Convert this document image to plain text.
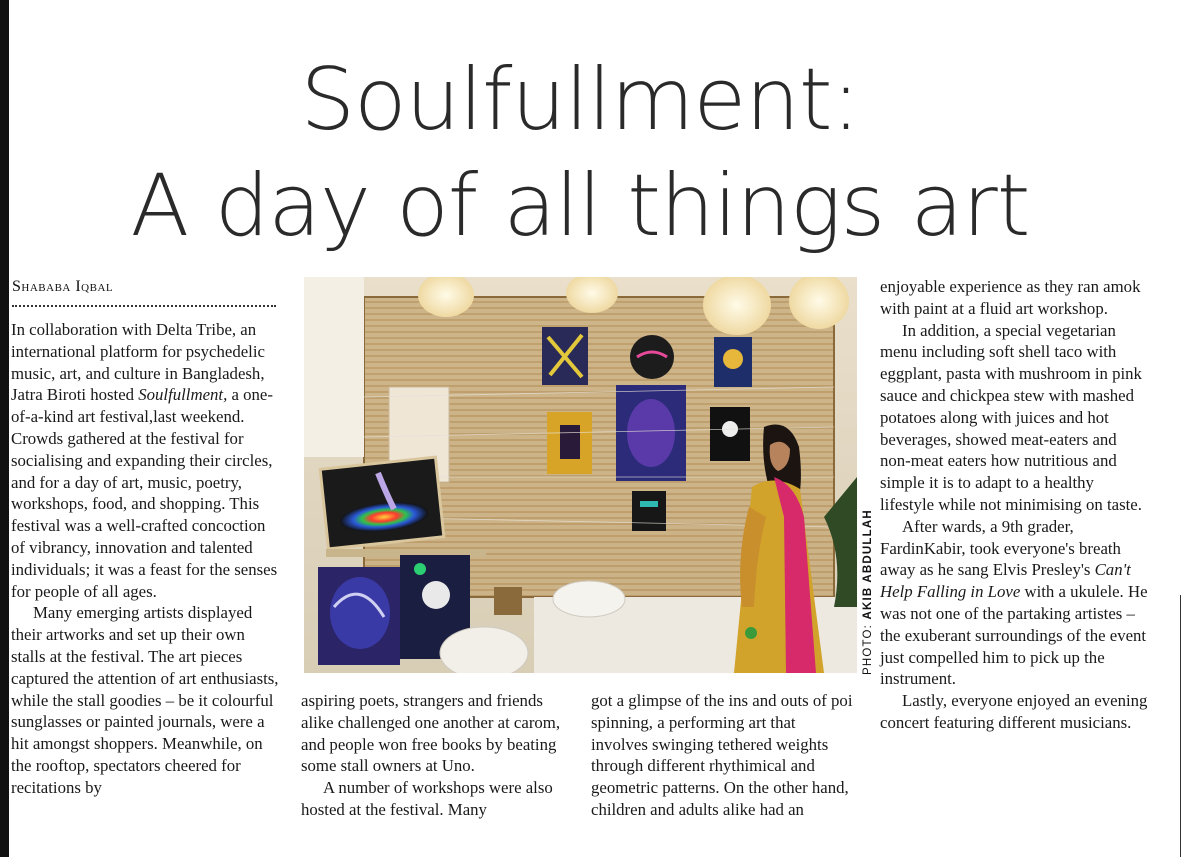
Soulfullment:
A day of all things art
Shababa Iqbal

In collaboration with Delta Tribe, an international platform for psychedelic music, art, and culture in Bangladesh, Jatra Biroti hosted Soulfullment, a one-of-a-kind art festival,last weekend. Crowds gathered at the festival for socialising and expanding their circles, and for a day of art, music, poetry, workshops, food, and shopping. This festival was a well-crafted concoction of vibrancy, innovation and talented individuals; it was a feast for the senses for people of all ages.

Many emerging artists displayed their artworks and set up their own stalls at the festival. The art pieces captured the attention of art enthusiasts, while the stall goodies – be it colourful sunglasses or painted journals, were a hit amongst shoppers. Meanwhile, on the rooftop, spectators cheered for recitations by

PHOTO: AKIB ABDULLAH

aspiring poets, strangers and friends alike challenged one another at carom, and people won free books by beating some stall owners at Uno.

A number of workshops were also hosted at the festival. Many

got a glimpse of the ins and outs of poi spinning, a performing art that involves swinging tethered weights through different rhythimical and geometric patterns. On the other hand, children and adults alike had an

enjoyable experience as they ran amok with paint at a fluid art workshop.

In addition, a special vegetarian menu including soft shell taco with eggplant, pasta with mushroom in pink sauce and chickpea stew with mashed potatoes along with juices and hot beverages, showed meat-eaters and non-meat eaters how nutritious and simple it is to adapt to a healthy lifestyle while not minimising on taste.

After wards, a 9th grader, FardinKabir, took everyone's breath away as he sang Elvis Presley's Can't Help Falling in Love with a ukulele. He was not one of the partaking artistes – the exuberant surroundings of the event just compelled him to pick up the instrument.

Lastly, everyone enjoyed an evening concert featuring different musicians.
